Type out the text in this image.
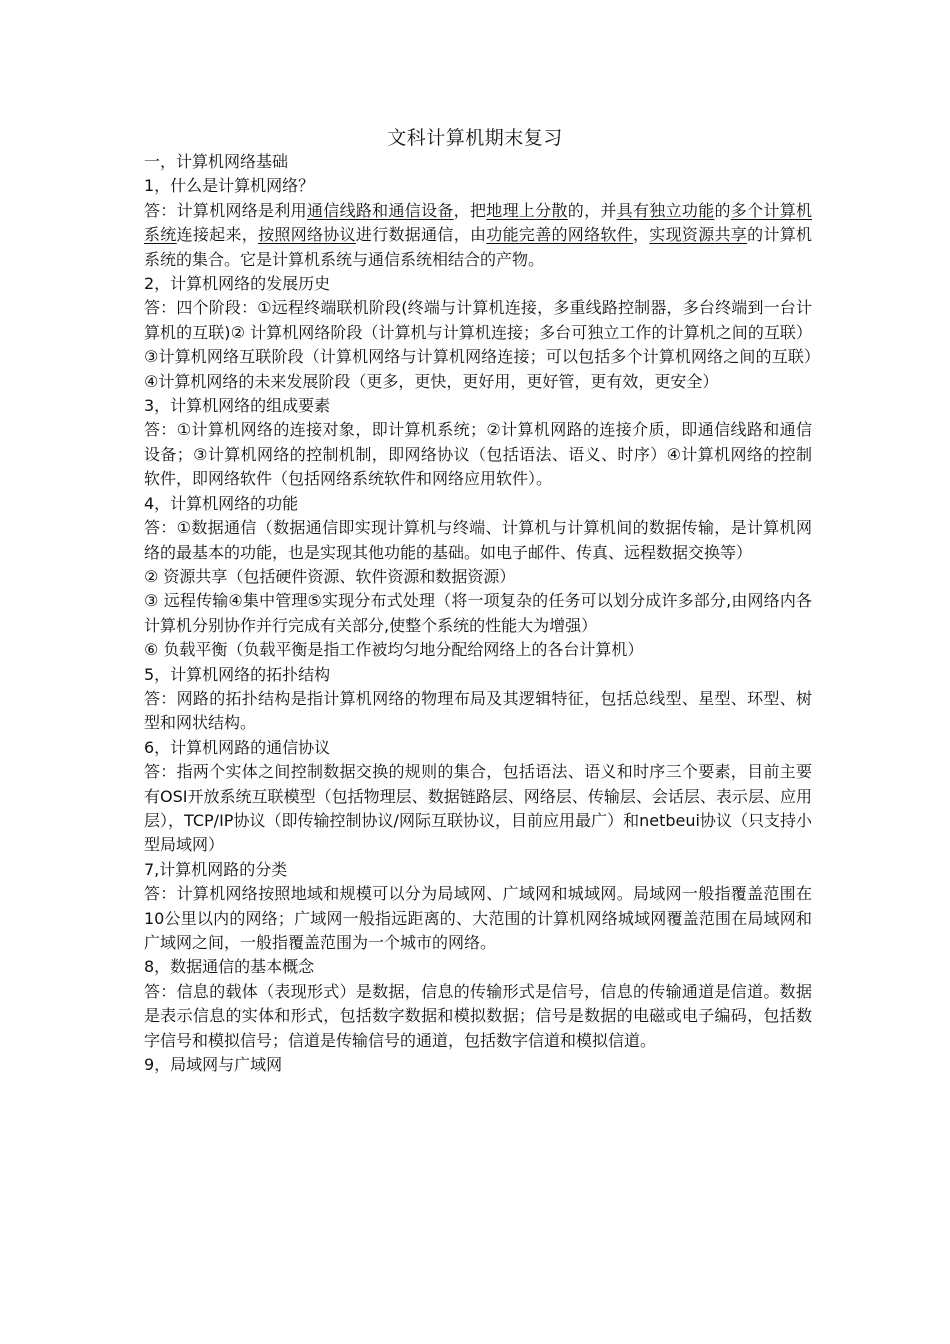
文科计算机期末复习

一，计算机网络基础

1，什么是计算机网络？

答：计算机网络是利用通信线路和通信设备，把地理上分散的，并具有独立功能的多个计算机系统连接起来，按照网络协议进行数据通信，由功能完善的网络软件，实现资源共享的计算机系统的集合。它是计算机系统与通信系统相结合的产物。

2，计算机网络的发展历史

答：四个阶段：①远程终端联机阶段(终端与计算机连接，多重线路控制器，多台终端到一台计算机的互联)② 计算机网络阶段（计算机与计算机连接；多台可独立工作的计算机之间的互联）③计算机网络互联阶段（计算机网络与计算机网络连接；可以包括多个计算机网络之间的互联）④计算机网络的未来发展阶段（更多，更快，更好用，更好管，更有效，更安全）

3，计算机网络的组成要素

答：①计算机网络的连接对象，即计算机系统；②计算机网路的连接介质，即通信线路和通信设备；③计算机网络的控制机制，即网络协议（包括语法、语义、时序）④计算机网络的控制软件，即网络软件（包括网络系统软件和网络应用软件）。

4，计算机网络的功能

答：①数据通信（数据通信即实现计算机与终端、计算机与计算机间的数据传输，是计算机网络的最基本的功能，也是实现其他功能的基础。如电子邮件、传真、远程数据交换等）

② 资源共享（包括硬件资源、软件资源和数据资源）

③ 远程传输④集中管理⑤实现分布式处理（将一项复杂的任务可以划分成许多部分,由网络内各计算机分别协作并行完成有关部分,使整个系统的性能大为增强）

⑥ 负载平衡（负载平衡是指工作被均匀地分配给网络上的各台计算机）

5，计算机网络的拓扑结构

答：网路的拓扑结构是指计算机网络的物理布局及其逻辑特征，包括总线型、星型、环型、树型和网状结构。

6，计算机网路的通信协议

答：指两个实体之间控制数据交换的规则的集合，包括语法、语义和时序三个要素，目前主要有OSI开放系统互联模型（包括物理层、数据链路层、网络层、传输层、会话层、表示层、应用层），TCP/IP协议（即传输控制协议/网际互联协议，目前应用最广）和netbeui协议（只支持小型局域网）

7,计算机网路的分类

答：计算机网络按照地域和规模可以分为局域网、广域网和城域网。局域网一般指覆盖范围在10公里以内的网络；广域网一般指远距离的、大范围的计算机网络城域网覆盖范围在局域网和广域网之间，一般指覆盖范围为一个城市的网络。

8，数据通信的基本概念

答：信息的载体（表现形式）是数据，信息的传输形式是信号，信息的传输通道是信道。数据是表示信息的实体和形式，包括数字数据和模拟数据；信号是数据的电磁或电子编码，包括数字信号和模拟信号；信道是传输信号的通道，包括数字信道和模拟信道。

9，局域网与广域网
